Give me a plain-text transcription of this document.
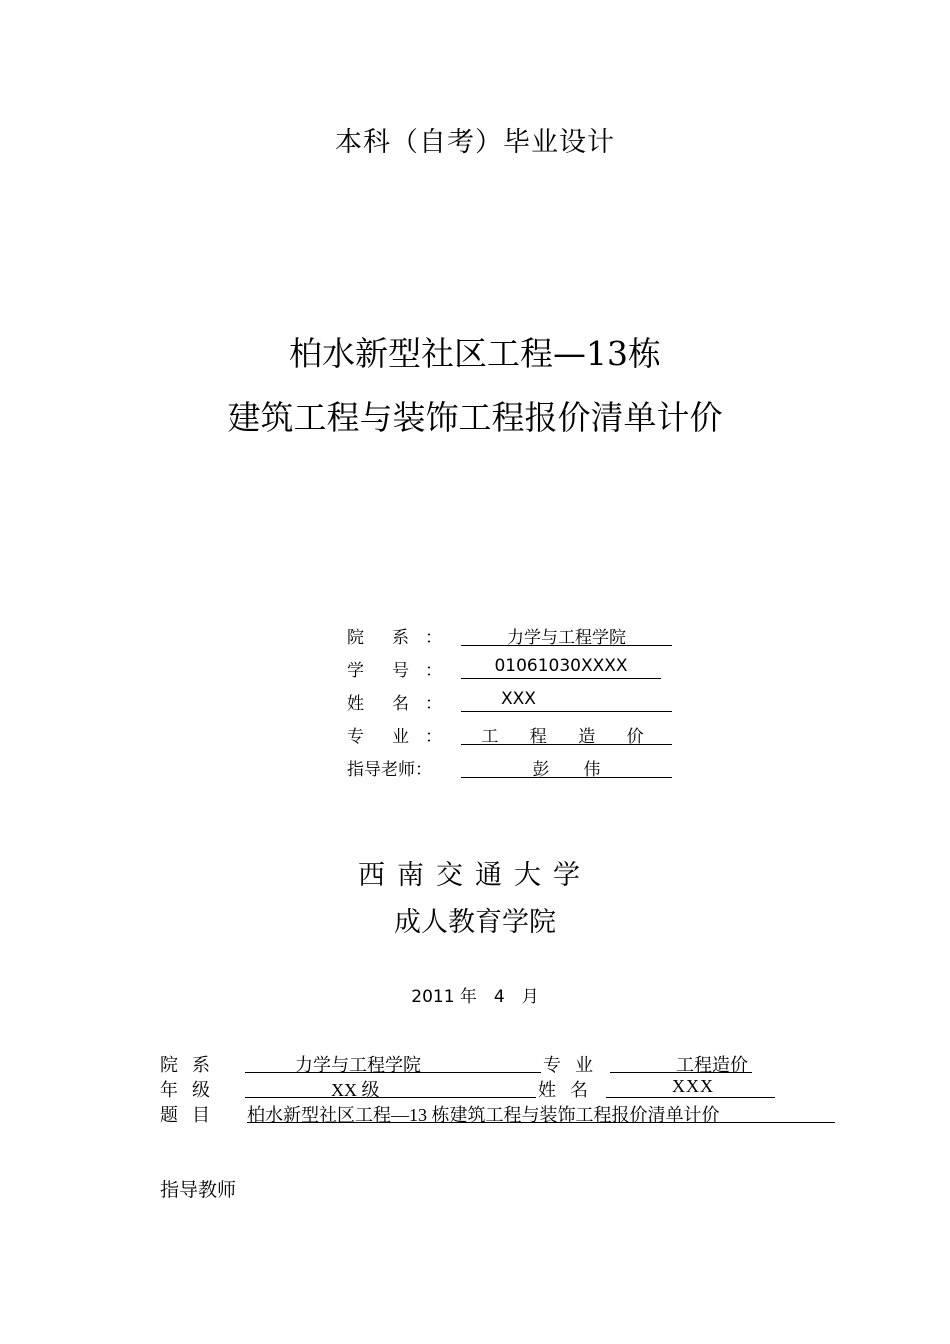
本科（自考）毕业设计
柏水新型社区工程—13栋
建筑工程与装饰工程报价清单计价
院　系 ：	力学与工程学院
学　号 ：	01061030XXXX
姓　名 ：	XXX
专　业 ：	工 程 造 价
指导老师 ：	彭　　伟
西南交通大学
成人教育学院
2011 年　4　月
院系	力学与工程学院	专业	工程造价
年级	XX 级	姓名	XXX
题目 柏水新型社区工程—13 栋建筑工程与装饰工程报价清单计价
指导教师
